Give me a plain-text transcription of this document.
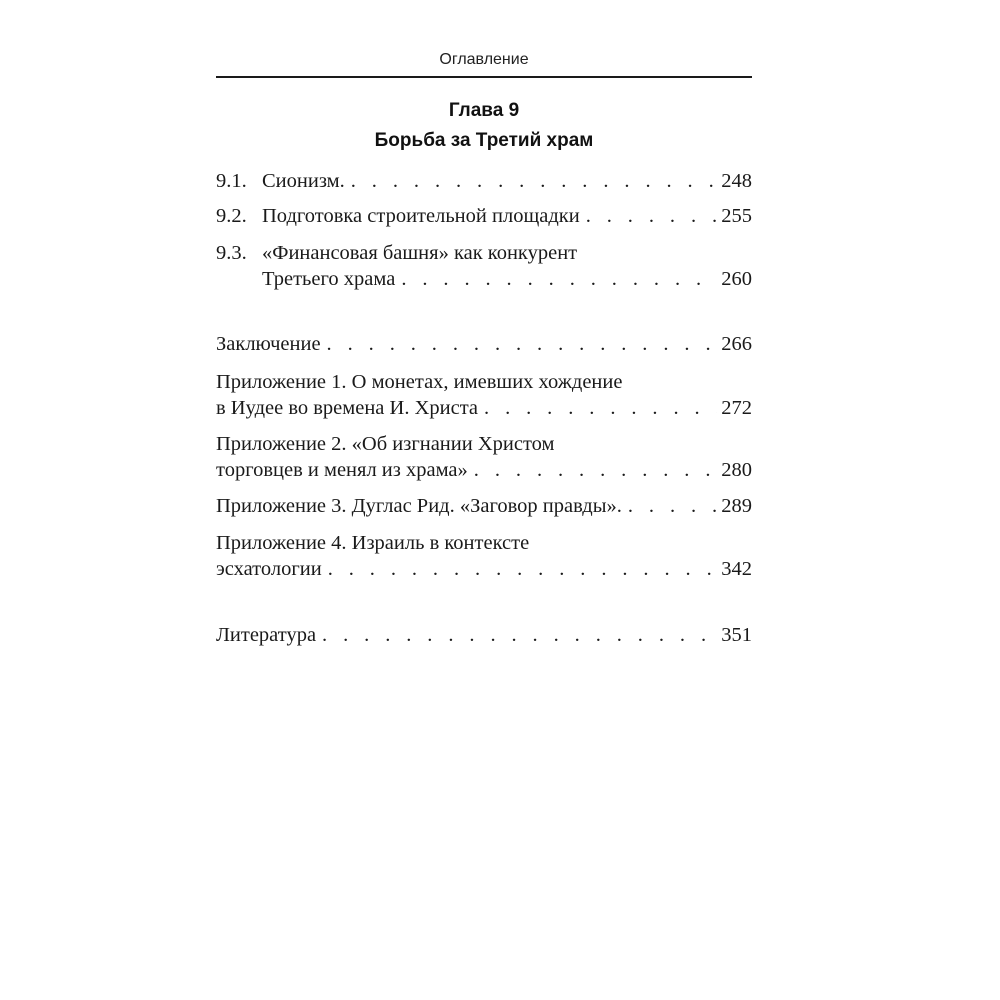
Оглавление
Глава 9
Борьба за Третий храм
9.1. Сионизм. . . .	248
9.2. Подготовка строительной площадки . . .	255
9.3. «Финансовая башня» как конкурент
Третьего храма . . .	260
Заключение . . .	266
Приложение 1. О монетах, имевших хождение
в Иудее во времена И. Христа . . .	272
Приложение 2. «Об изгнании Христом
торговцев и менял из храма» . . .	280
Приложение 3. Дуглас Рид. «Заговор правды». . . .	289
Приложение 4. Израиль в контексте
эсхатологии . . .	342
Литература . . .	351
